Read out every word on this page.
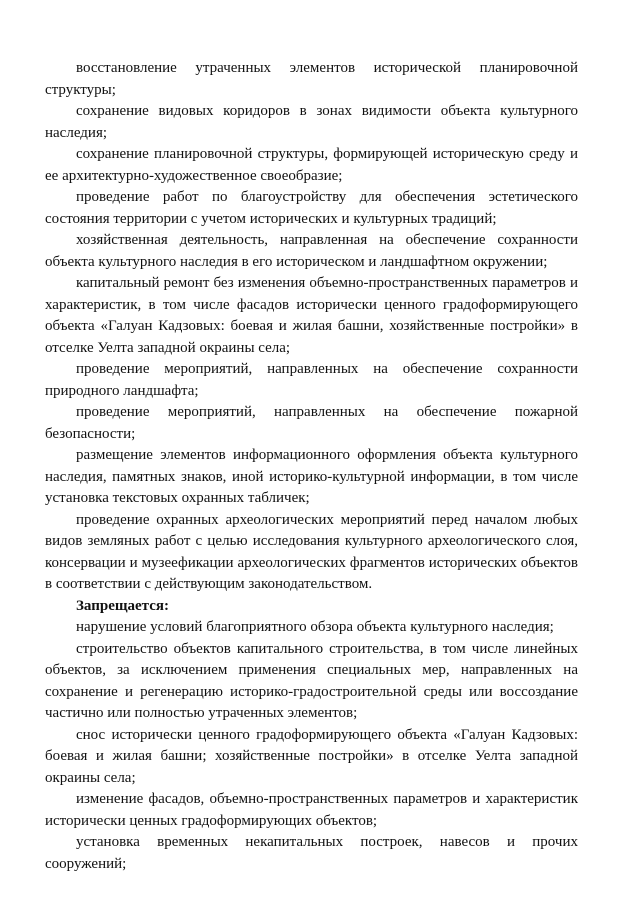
восстановление утраченных элементов исторической планировочной структуры;

сохранение видовых коридоров в зонах видимости объекта культурного наследия;

сохранение планировочной структуры, формирующей историческую среду и ее архитектурно-художественное своеобразие;

проведение работ по благоустройству для обеспечения эстетического состояния территории с учетом исторических и культурных традиций;

хозяйственная деятельность, направленная на обеспечение сохранности объекта культурного наследия в его историческом и ландшафтном окружении;

капитальный ремонт без изменения объемно-пространственных параметров и характеристик, в том числе фасадов исторически ценного градоформирующего объекта «Галуан Кадзовых: боевая и жилая башни, хозяйственные постройки» в отселке Уелта западной окраины села;

проведение мероприятий, направленных на обеспечение сохранности природного ландшафта;

проведение мероприятий, направленных на обеспечение пожарной безопасности;

размещение элементов информационного оформления объекта культурного наследия, памятных знаков, иной историко-культурной информации, в том числе установка текстовых охранных табличек;

проведение охранных археологических мероприятий перед началом любых видов земляных работ с целью исследования культурного археологического слоя, консервации и музеефикации археологических фрагментов исторических объектов в соответствии с действующим законодательством.

Запрещается:

нарушение условий благоприятного обзора объекта культурного наследия;

строительство объектов капитального строительства, в том числе линейных объектов, за исключением применения специальных мер, направленных на сохранение и регенерацию историко-градостроительной среды или воссоздание частично или полностью утраченных элементов;

снос исторически ценного градоформирующего объекта «Галуан Кадзовых: боевая и жилая башни; хозяйственные постройки» в отселке Уелта западной окраины села;

изменение фасадов, объемно-пространственных параметров и характеристик исторически ценных градоформирующих объектов;

установка временных некапитальных построек, навесов и прочих сооружений;
